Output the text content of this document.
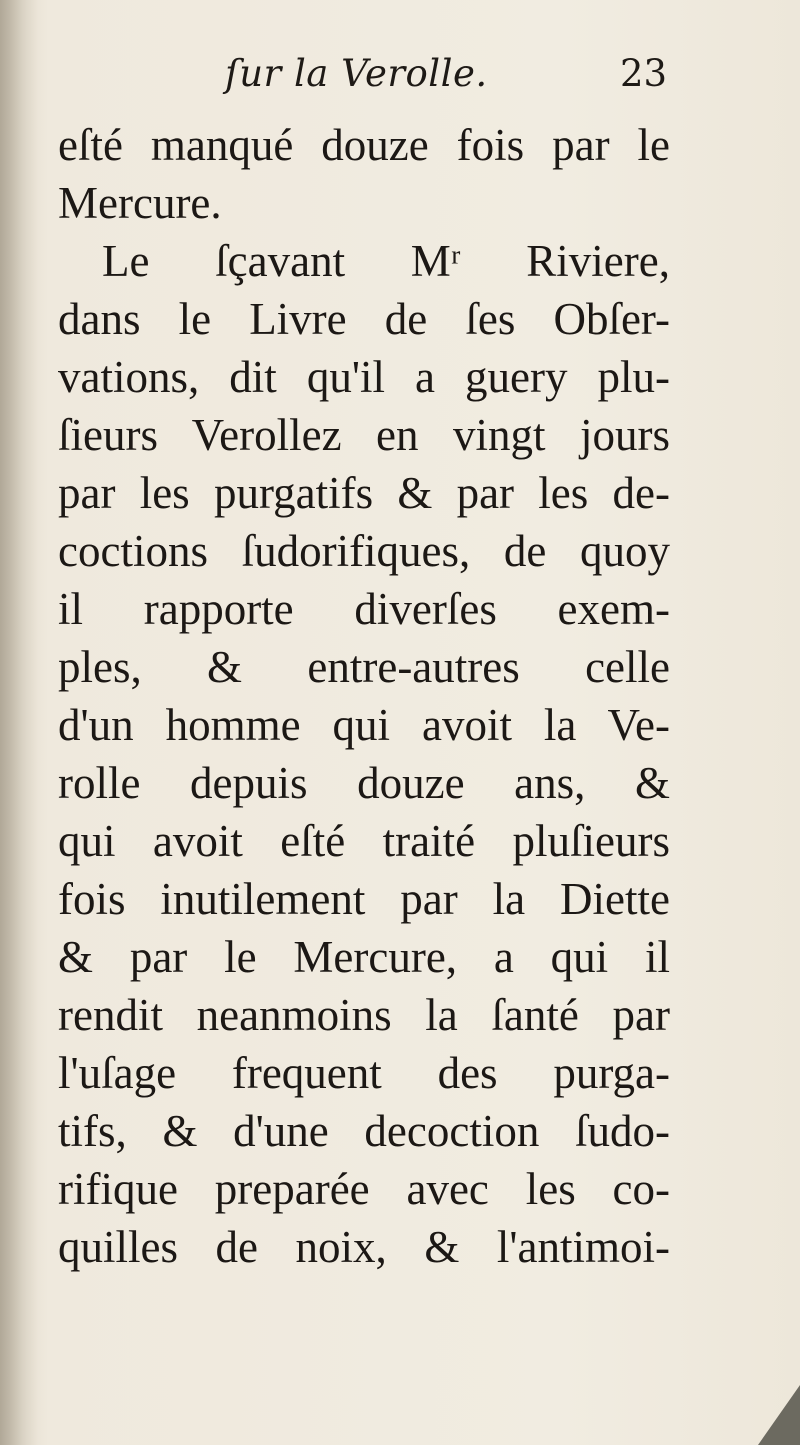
ſur la Verolle.	23
eſté manqué douze fois par le
Mercure.
Le ſçavant Mʳ Riviere,
dans le Livre de ſes Obſer-
vations, dit qu'il a guery plu-
ſieurs Verollez en vingt jours
par les purgatifs & par les de-
coctions ſudorifiques, de quoy
il rapporte diverſes exem-
ples, & entre-autres celle
d'un homme qui avoit la Ve-
rolle depuis douze ans, &
qui avoit eſté traité pluſieurs
fois inutilement par la Diette
& par le Mercure, a qui il
rendit neanmoins la ſanté par
l'uſage frequent des purga-
tifs, & d'une decoction ſudo-
rifique preparée avec les co-
quilles de noix, & l'antimoi-
